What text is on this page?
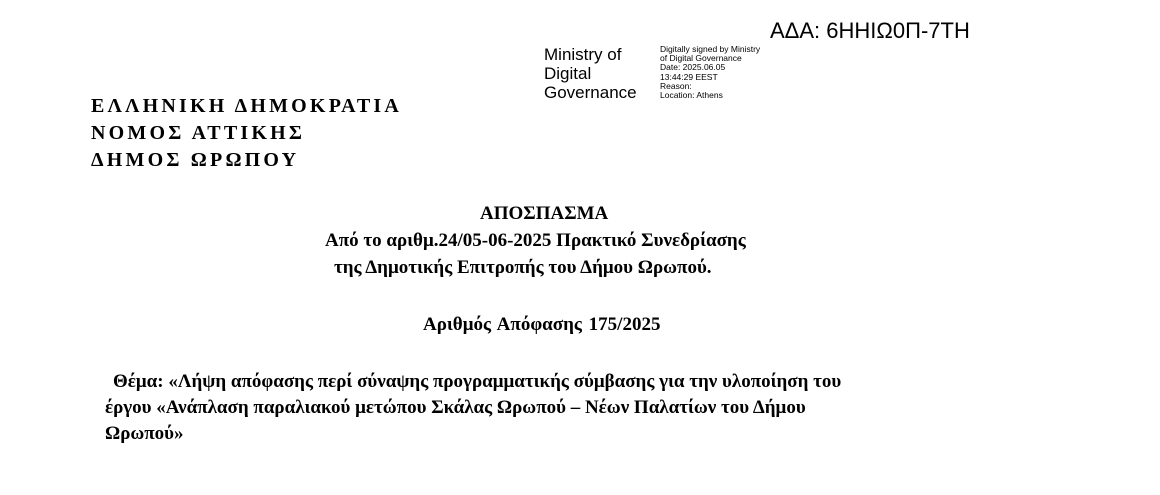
ΑΔΑ: 6ΗΗΙΩ0Π-7ΤΗ
Ministry of
Digital
Governance
Digitally signed by Ministry
of Digital Governance
Date: 2025.06.05
13:44:29 EEST
Reason:
Location: Athens
ΕΛΛΗΝΙΚΗ ΔΗΜΟΚΡΑΤΙΑ
ΝΟΜΟΣ ΑΤΤΙΚΗΣ
ΔΗΜΟΣ ΩΡΩΠΟΥ
ΑΠΟΣΠΑΣΜΑ
Από το αριθμ.24/05-06-2025 Πρακτικό Συνεδρίασης
της Δημοτικής Επιτροπής του Δήμου Ωρωπού.
Αριθμός Απόφασης 175/2025
Θέμα: «Λήψη απόφασης περί σύναψης προγραμματικής σύμβασης για την υλοποίηση του
έργου «Ανάπλαση παραλιακού μετώπου Σκάλας Ωρωπού – Νέων Παλατίων του Δήμου
Ωρωπού»
